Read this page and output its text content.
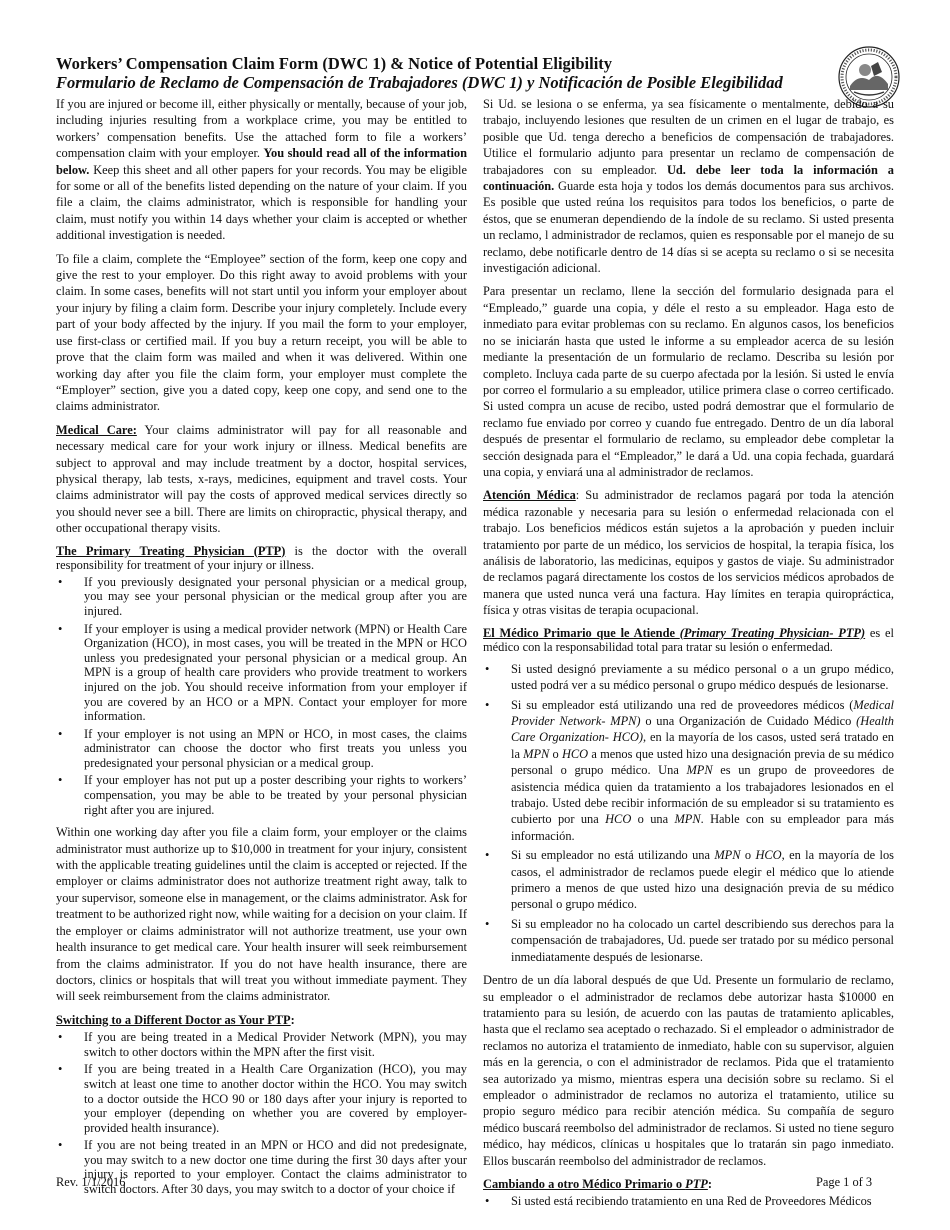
Workers’ Compensation Claim Form (DWC 1) & Notice of Potential Eligibility
Formulario de Reclamo de Compensación de Trabajadores (DWC 1) y Notificación de Posible Elegibilidad

If you are injured or become ill, either physically or mentally, because of your job, including injuries resulting from a workplace crime, you may be entitled to workers’ compensation benefits. Use the attached form to file a workers’ compensation claim with your employer. You should read all of the information below. Keep this sheet and all other papers for your records. You may be eligible for some or all of the benefits listed depending on the nature of your claim. If you file a claim, the claims administrator, which is responsible for handling your claim, must notify you within 14 days whether your claim is accepted or whether additional investigation is needed.

To file a claim, complete the “Employee” section of the form, keep one copy and give the rest to your employer. Do this right away to avoid problems with your claim. In some cases, benefits will not start until you inform your employer about your injury by filing a claim form. Describe your injury completely. Include every part of your body affected by the injury. If you mail the form to your employer, use first-class or certified mail. If you buy a return receipt, you will be able to prove that the claim form was mailed and when it was delivered. Within one working day after you file the claim form, your employer must complete the “Employer” section, give you a dated copy, keep one copy, and send one to the claims administrator.

Medical Care: Your claims administrator will pay for all reasonable and necessary medical care for your work injury or illness. Medical benefits are subject to approval and may include treatment by a doctor, hospital services, physical therapy, lab tests, x-rays, medicines, equipment and travel costs. Your claims administrator will pay the costs of approved medical services directly so you should never see a bill. There are limits on chiropractic, physical therapy, and other occupational therapy visits.

The Primary Treating Physician (PTP) is the doctor with the overall responsibility for treatment of your injury or illness.

• If you previously designated your personal physician or a medical group, you may see your personal physician or the medical group after you are injured.
• If your employer is using a medical provider network (MPN) or Health Care Organization (HCO), in most cases, you will be treated in the MPN or HCO unless you predesignated your personal physician or a medical group. An MPN is a group of health care providers who provide treatment to workers injured on the job. You should receive information from your employer if you are covered by an HCO or a MPN. Contact your employer for more information.
• If your employer is not using an MPN or HCO, in most cases, the claims administrator can choose the doctor who first treats you unless you predesignated your personal physician or a medical group.
• If your employer has not put up a poster describing your rights to workers’ compensation, you may be able to be treated by your personal physician right after you are injured.

Within one working day after you file a claim form, your employer or the claims administrator must authorize up to $10,000 in treatment for your injury, consistent with the applicable treating guidelines until the claim is accepted or rejected. If the employer or claims administrator does not authorize treatment right away, talk to your supervisor, someone else in management, or the claims administrator. Ask for treatment to be authorized right now, while waiting for a decision on your claim. If the employer or claims administrator will not authorize treatment, use your own health insurance to get medical care. Your health insurer will seek reimbursement from the claims administrator. If you do not have health insurance, there are doctors, clinics or hospitals that will treat you without immediate payment. They will seek reimbursement from the claims administrator.

Switching to a Different Doctor as Your PTP:

• If you are being treated in a Medical Provider Network (MPN), you may switch to other doctors within the MPN after the first visit.
• If you are being treated in a Health Care Organization (HCO), you may switch at least one time to another doctor within the HCO. You may switch to a doctor outside the HCO 90 or 180 days after your injury is reported to your employer (depending on whether you are covered by employer-provided health insurance).
• If you are not being treated in an MPN or HCO and did not predesignate, you may switch to a new doctor one time during the first 30 days after your injury is reported to your employer. Contact the claims administrator to switch doctors. After 30 days, you may switch to a doctor of your choice if

Si Ud. se lesiona o se enferma, ya sea físicamente o mentalmente, debido a su trabajo, incluyendo lesiones que resulten de un crimen en el lugar de trabajo, es posible que Ud. tenga derecho a beneficios de compensación de trabajadores. Utilice el formulario adjunto para presentar un reclamo de compensación de trabajadores con su empleador. Ud. debe leer toda la información a continuación. Guarde esta hoja y todos los demás documentos para sus archivos. Es posible que usted reúna los requisitos para todos los beneficios, o parte de éstos, que se enumeran dependiendo de la índole de su reclamo. Si usted presenta un reclamo, l administrador de reclamos, quien es responsable por el manejo de su reclamo, debe notificarle dentro de 14 días si se acepta su reclamo o si se necesita investigación adicional.

Para presentar un reclamo, llene la sección del formulario designada para el “Empleado,” guarde una copia, y déle el resto a su empleador. Haga esto de inmediato para evitar problemas con su reclamo. En algunos casos, los beneficios no se iniciarán hasta que usted le informe a su empleador acerca de su lesión mediante la presentación de un formulario de reclamo. Describa su lesión por completo. Incluya cada parte de su cuerpo afectada por la lesión. Si usted le envía por correo el formulario a su empleador, utilice primera clase o correo certificado. Si usted compra un acuse de recibo, usted podrá demostrar que el formulario de reclamo fue enviado por correo y cuando fue entregado. Dentro de un día laboral después de presentar el formulario de reclamo, su empleador debe completar la sección designada para el “Empleador,” le dará a Ud. una copia fechada, guardará una copia, y enviará una al administrador de reclamos.

Atención Médica: Su administrador de reclamos pagará por toda la atención médica razonable y necesaria para su lesión o enfermedad relacionada con el trabajo. Los beneficios médicos están sujetos a la aprobación y pueden incluir tratamiento por parte de un médico, los servicios de hospital, la terapia física, los análisis de laboratorio, las medicinas, equipos y gastos de viaje. Su administrador de reclamos pagará directamente los costos de los servicios médicos aprobados de manera que usted nunca verá una factura. Hay límites en terapia quiropráctica, física y otras visitas de terapia ocupacional.

El Médico Primario que le Atiende (Primary Treating Physician- PTP) es el médico con la responsabilidad total para tratar su lesión o enfermedad.

• Si usted designó previamente a su médico personal o a un grupo médico, usted podrá ver a su médico personal o grupo médico después de lesionarse.
• Si su empleador está utilizando una red de proveedores médicos (Medical Provider Network- MPN) o una Organización de Cuidado Médico (Health Care Organization- HCO), en la mayoría de los casos, usted será tratado en la MPN o HCO a menos que usted hizo una designación previa de su médico personal o grupo médico. Una MPN es un grupo de proveedores de asistencia médica quien da tratamiento a los trabajadores lesionados en el trabajo. Usted debe recibir información de su empleador si su tratamiento es cubierto por una HCO o una MPN. Hable con su empleador para más información.
• Si su empleador no está utilizando una MPN o HCO, en la mayoría de los casos, el administrador de reclamos puede elegir el médico que lo atiende primero a menos de que usted hizo una designación previa de su médico personal o grupo médico.
• Si su empleador no ha colocado un cartel describiendo sus derechos para la compensación de trabajadores, Ud. puede ser tratado por su médico personal inmediatamente después de lesionarse.

Dentro de un día laboral después de que Ud. Presente un formulario de reclamo, su empleador o el administrador de reclamos debe autorizar hasta $10000 en tratamiento para su lesión, de acuerdo con las pautas de tratamiento aplicables, hasta que el reclamo sea aceptado o rechazado. Si el empleador o administrador de reclamos no autoriza el tratamiento de inmediato, hable con su supervisor, alguien más en la gerencia, o con el administrador de reclamos. Pida que el tratamiento sea autorizado ya mismo, mientras espera una decisión sobre su reclamo. Si el empleador o administrador de reclamos no autoriza el tratamiento, utilice su propio seguro médico para recibir atención médica. Su compañía de seguro médico buscará reembolso del administrador de reclamos. Si usted no tiene seguro médico, hay médicos, clínicas u hospitales que lo tratarán sin pago inmediato. Ellos buscarán reembolso del administrador de reclamos.

Cambiando a otro Médico Primario o PTP:

• Si usted está recibiendo tratamiento en una Red de Proveedores Médicos
Rev. 1/1/2016	Page 1 of 3
